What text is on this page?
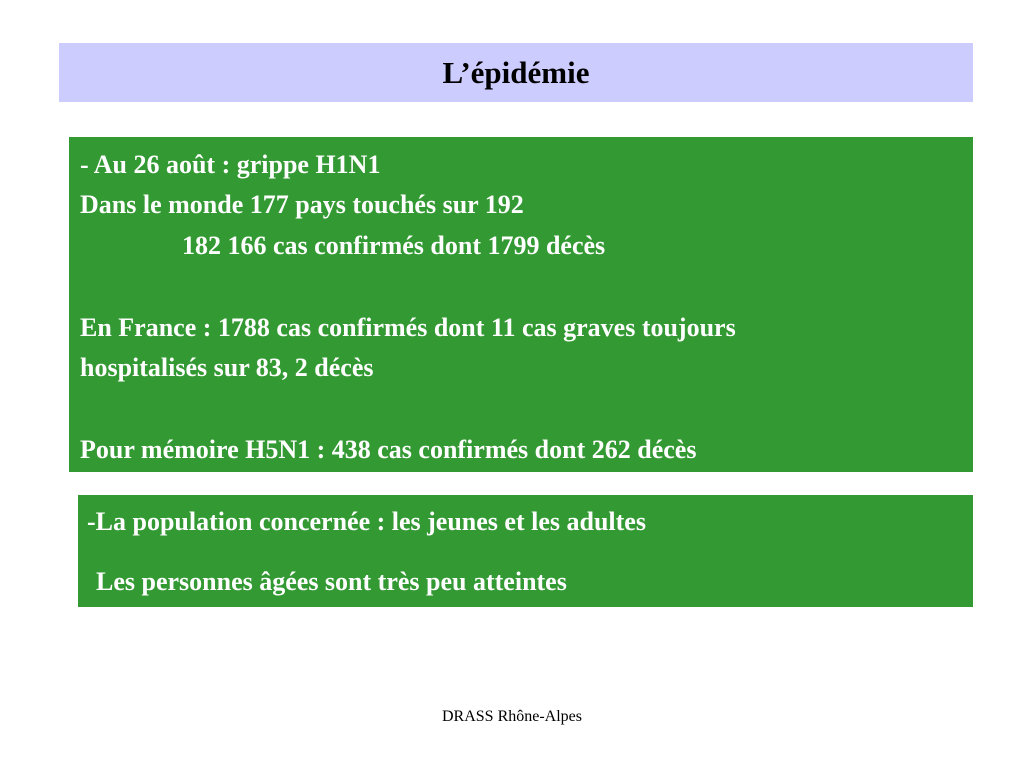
L’épidémie
- Au 26 août : grippe H1N1
Dans le monde 177 pays touchés sur 192
182 166 cas confirmés dont 1799 décès
En France : 1788 cas confirmés dont 11 cas graves toujours
hospitalisés sur 83, 2 décès
Pour mémoire H5N1 : 438 cas confirmés dont 262 décès
-La population concernée : les jeunes et les adultes
Les personnes âgées sont très peu atteintes
DRASS Rhône-Alpes
